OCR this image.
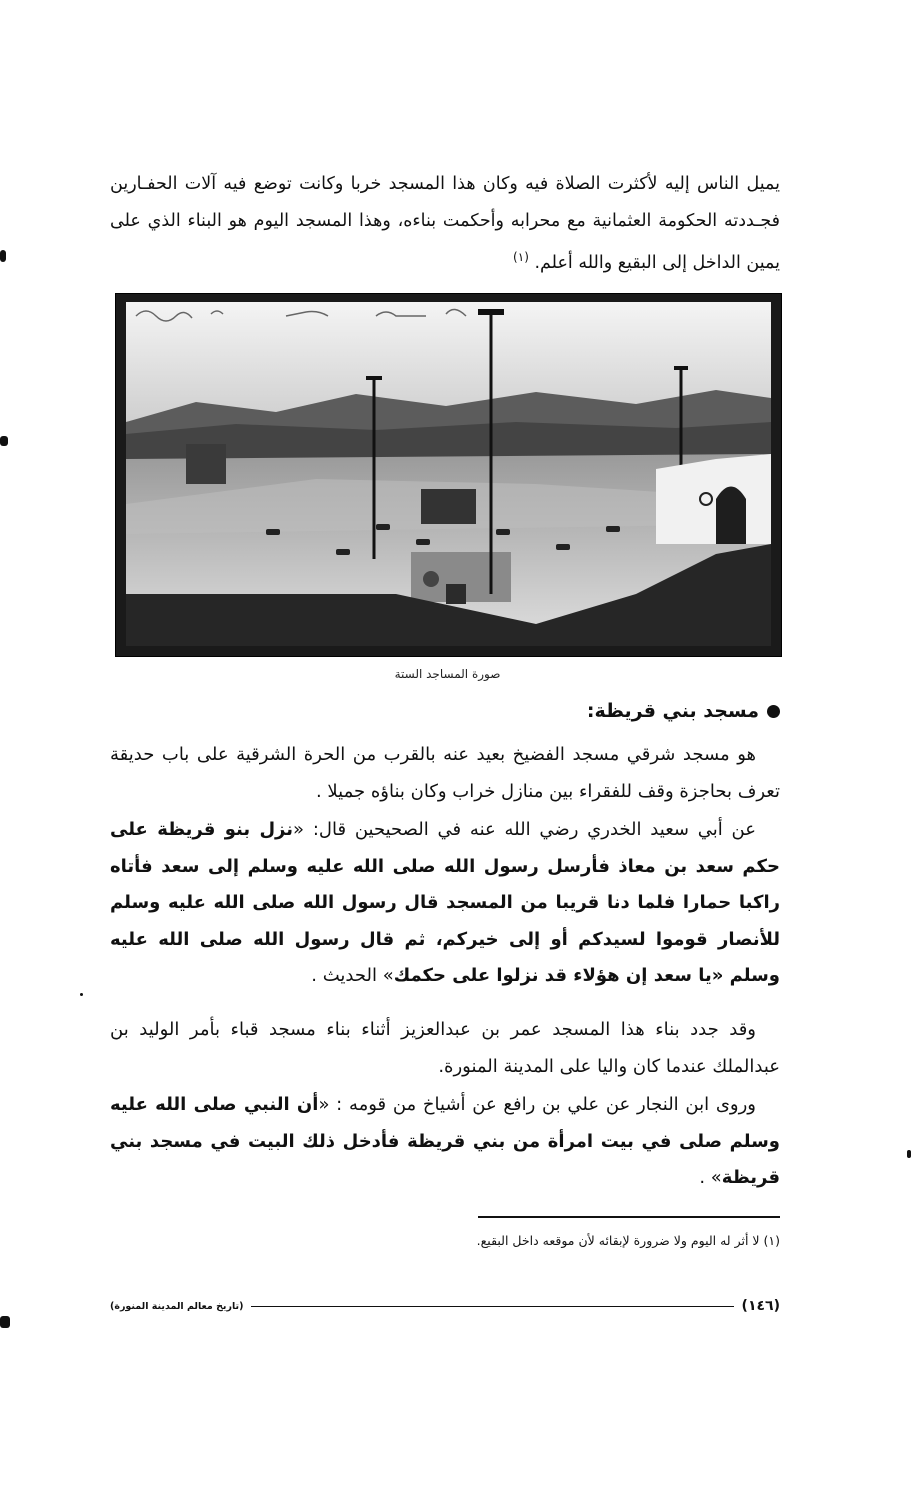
يميل الناس إليه لأكثرت الصلاة فيه وكان هذا المسجد خربا وكانت توضع فيه آلات الحفـارين فجـددته الحكومة العثمانية مع محرابه وأحكمت بناءه، وهذا المسجد اليوم هو البناء الذي على يمين الداخل إلى البقيع والله أعلم. $^{(١)}$
صورة المساجد الستة
مسجد بني قريظة:
هو مسجد شرقي مسجد الفضيخ بعيد عنه بالقرب من الحرة الشرقية على باب حديقة تعرف بحاجزة وقف للفقراء بين منازل خراب وكان بناؤه جميلا .
عن أبي سعيد الخدري رضي الله عنه في الصحيحين قال: «نزل بنو قريظة على حكم سعد بن معاذ فأرسل رسول الله صلى الله عليه وسلم إلى سعد فأتاه راكبا حمارا فلما دنا قريبا من المسجد قال رسول الله صلى الله عليه وسلم للأنصار قوموا لسيدكم أو إلى خيركم، ثم قال رسول الله صلى الله عليه وسلم «يا سعد إن هؤلاء قد نزلوا على حكمك» الحديث .
وقد جدد بناء هذا المسجد عمر بن عبدالعزيز أثناء بناء مسجد قباء بأمر الوليد بن عبدالملك عندما كان واليا على المدينة المنورة.
وروى ابن النجار عن علي بن رافع عن أشياخ من قومه : «أن النبي صلى الله عليه وسلم صلى في بيت امرأة من بني قريظة فأدخل ذلك البيت في مسجد بني قريظة» .
(١) لا أثر له اليوم ولا ضرورة لإبقائه لأن موقعه داخل البقيع.
(١٤٦)
(تاريخ معالم المدينة المنورة)
